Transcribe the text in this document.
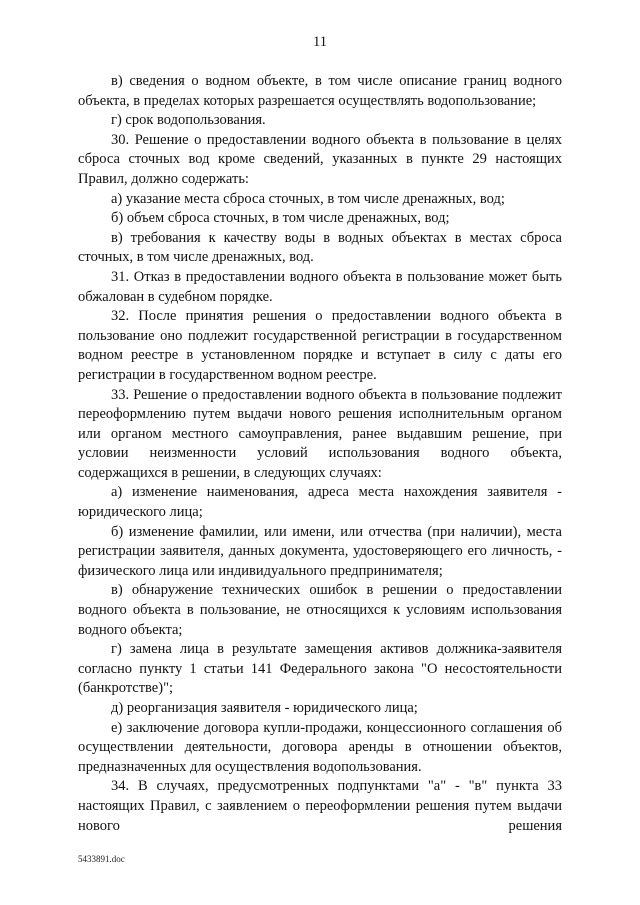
11

в) сведения о водном объекте, в том числе описание границ водного объекта, в пределах которых разрешается осуществлять водопользование;

г) срок водопользования.

30. Решение о предоставлении водного объекта в пользование в целях сброса сточных вод кроме сведений, указанных в пункте 29 настоящих Правил, должно содержать:

а) указание места сброса сточных, в том числе дренажных, вод;

б) объем сброса сточных, в том числе дренажных, вод;

в) требования к качеству воды в водных объектах в местах сброса сточных, в том числе дренажных, вод.

31. Отказ в предоставлении водного объекта в пользование может быть обжалован в судебном порядке.

32. После принятия решения о предоставлении водного объекта в пользование оно подлежит государственной регистрации в государственном водном реестре в установленном порядке и вступает в силу с даты его регистрации в государственном водном реестре.

33. Решение о предоставлении водного объекта в пользование подлежит переоформлению путем выдачи нового решения исполнительным органом или органом местного самоуправления, ранее выдавшим решение, при условии неизменности условий использования водного объекта, содержащихся в решении, в следующих случаях:

а) изменение наименования, адреса места нахождения заявителя - юридического лица;

б) изменение фамилии, или имени, или отчества (при наличии), места регистрации заявителя, данных документа, удостоверяющего его личность, - физического лица или индивидуального предпринимателя;

в) обнаружение технических ошибок в решении о предоставлении водного объекта в пользование, не относящихся к условиям использования водного объекта;

г) замена лица в результате замещения активов должника-заявителя согласно пункту 1 статьи 141 Федерального закона "О несостоятельности (банкротстве)";

д) реорганизация заявителя - юридического лица;

е) заключение договора купли-продажи, концессионного соглашения об осуществлении деятельности, договора аренды в отношении объектов, предназначенных для осуществления водопользования.

34. В случаях, предусмотренных подпунктами "а" - "в" пункта 33 настоящих Правил, с заявлением о переоформлении решения путем выдачи нового решения

5433891.doc
